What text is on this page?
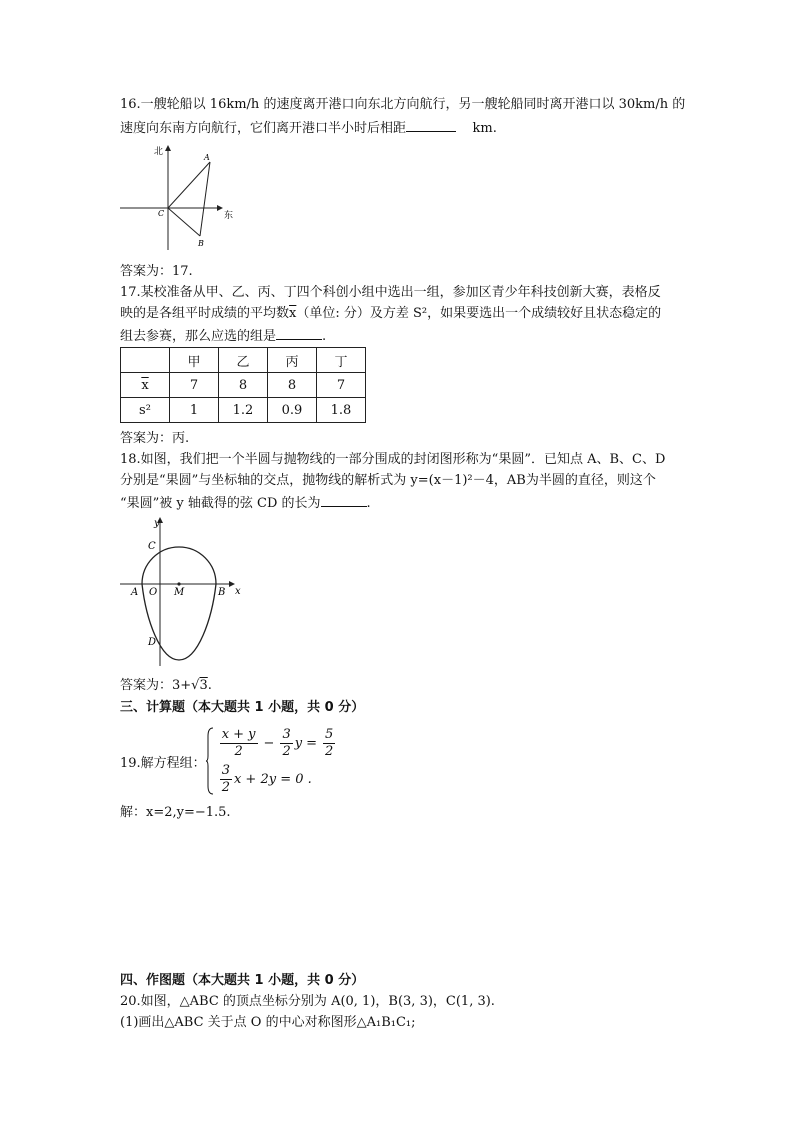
16.一艘轮船以 16km/h 的速度离开港口向东北方向航行，另一艘轮船同时离开港口以 30km/h 的
速度向东南方向航行，它们离开港口半小时后相距	km.
北
东
A
B
C
答案为：17.
17.某校准备从甲、乙、丙、丁四个科创小组中选出一组，参加区青少年科技创新大赛，表格反
映的是各组平时成绩的平均数$\overline{x}$（单位: 分）及方差 S²，如果要选出一个成绩较好且状态稳定的
组去参赛，那么应选的组是	.
	甲	乙	丙	丁
$\overline{x}$	7	8	8	7
s²	1	1.2	0.9	1.8
答案为：丙.
18.如图，我们把一个半圆与抛物线的一部分围成的封闭图形称为“果圆”．已知点 A、B、C、D
分别是“果圆”与坐标轴的交点，抛物线的解析式为 y=(x－1)²－4，AB为半圆的直径，则这个
“果圆”被 y 轴截得的弦 CD 的长为	.
y
x
A O M	B
C
D
答案为：3+√3.
三、计算题（本大题共 1 小题，共 0 分）
19.解方程组：
$\frac{x + y}{2} - \frac{3}{2}$ $y = \frac{5}{2}$
$\frac{3}{2}$ x + 2y = 0 .
解：x=2,y=−1.5.
四、作图题（本大题共 1 小题，共 0 分）
20.如图，△ABC 的顶点坐标分别为 A(0, 1)，B(3, 3)，C(1, 3).
(1)画出△ABC 关于点 O 的中心对称图形△A₁B₁C₁;
